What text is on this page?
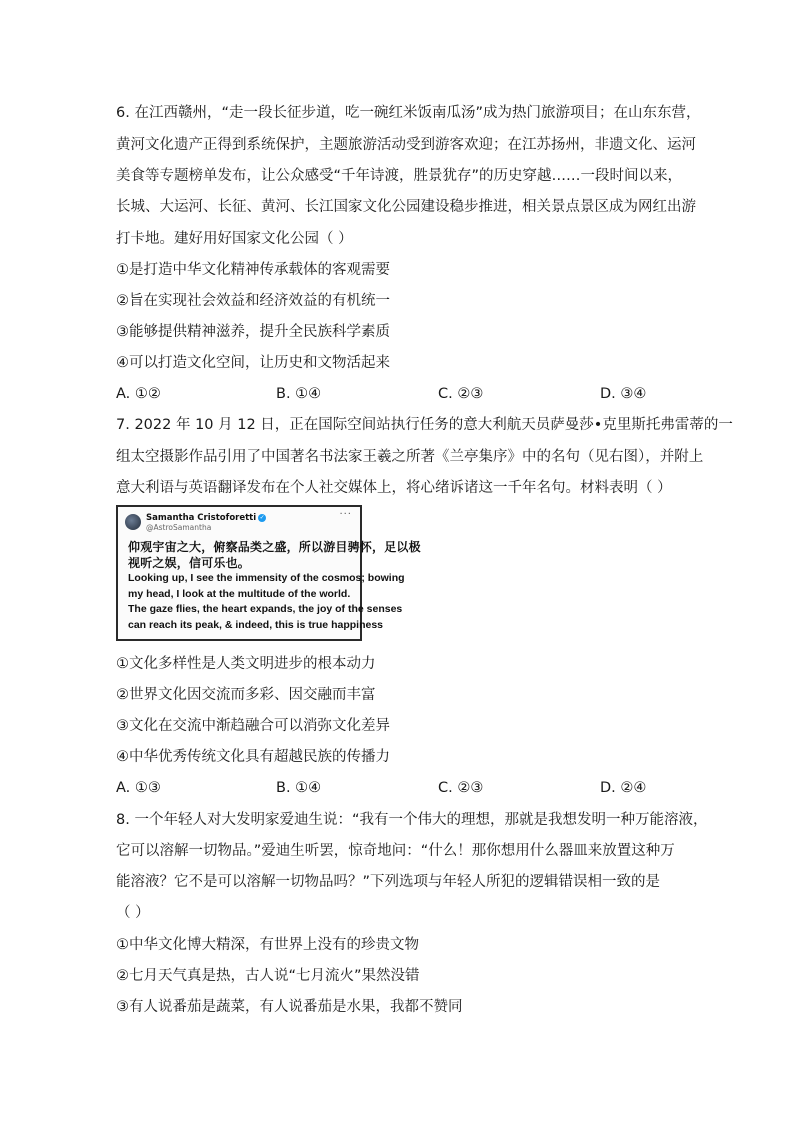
6. 在江西赣州，“走一段长征步道，吃一碗红米饭南瓜汤”成为热门旅游项目；在山东东营，
黄河文化遗产正得到系统保护，主题旅游活动受到游客欢迎；在江苏扬州，非遗文化、运河
美食等专题榜单发布，让公众感受“千年诗渡，胜景犹存”的历史穿越……一段时间以来，
长城、大运河、长征、黄河、长江国家文化公园建设稳步推进，相关景点景区成为网红出游
打卡地。建好用好国家文化公园（ ）
①是打造中华文化精神传承载体的客观需要
②旨在实现社会效益和经济效益的有机统一
③能够提供精神滋养，提升全民族科学素质
④可以打造文化空间，让历史和文物活起来
A. ①②	B. ①④	C. ②③	D. ③④
7. 2022 年 10 月 12 日，正在国际空间站执行任务的意大利航天员萨曼莎•克里斯托弗雷蒂的一
组太空摄影作品引用了中国著名书法家王羲之所著《兰亭集序》中的名句（见右图），并附上
意大利语与英语翻译发布在个人社交媒体上，将心绪诉诸这一千年名句。材料表明（ ）
Samantha Cristoforetti ✓
@AstroSamantha
···
仰观宇宙之大，俯察品类之盛，所以游目骋怀，足以极
视听之娱，信可乐也。
Looking up, I see the immensity of the cosmos; bowing
my head, I look at the multitude of the world.
The gaze flies, the heart expands, the joy of the senses
can reach its peak, & indeed, this is true happiness
①文化多样性是人类文明进步的根本动力
②世界文化因交流而多彩、因交融而丰富
③文化在交流中渐趋融合可以消弥文化差异
④中华优秀传统文化具有超越民族的传播力
A. ①③	B. ①④	C. ②③	D. ②④
8. 一个年轻人对大发明家爱迪生说：“我有一个伟大的理想，那就是我想发明一种万能溶液，
它可以溶解一切物品。”爱迪生听罢，惊奇地问：“什么！那你想用什么器皿来放置这种万
能溶液？它不是可以溶解一切物品吗？”下列选项与年轻人所犯的逻辑错误相一致的是
（ ）
①中华文化博大精深，有世界上没有的珍贵文物
②七月天气真是热，古人说“七月流火”果然没错
③有人说番茄是蔬菜，有人说番茄是水果，我都不赞同
